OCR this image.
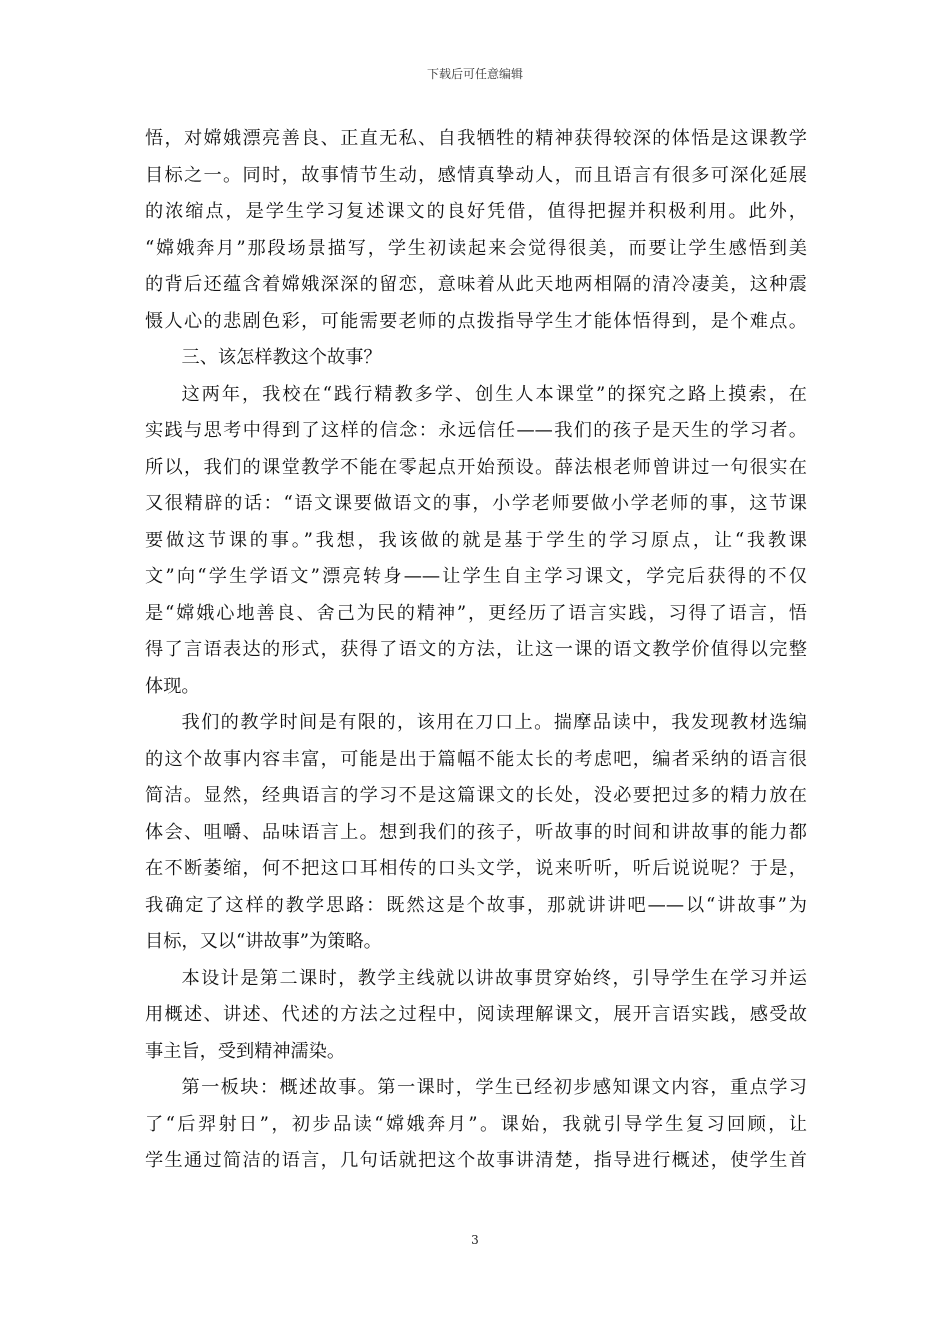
下载后可任意编辑
悟，对嫦娥漂亮善良、正直无私、自我牺牲的精神获得较深的体悟是这课教学
目标之一。同时，故事情节生动，感情真挚动人，而且语言有很多可深化延展
的浓缩点，是学生学习复述课文的良好凭借，值得把握并积极利用。此外，
“嫦娥奔月”那段场景描写，学生初读起来会觉得很美，而要让学生感悟到美
的背后还蕴含着嫦娥深深的留恋，意味着从此天地两相隔的清冷凄美，这种震
慑人心的悲剧色彩，可能需要老师的点拨指导学生才能体悟得到，是个难点。
三、该怎样教这个故事？
这两年，我校在“践行精教多学、创生人本课堂”的探究之路上摸索，在
实践与思考中得到了这样的信念：永远信任——我们的孩子是天生的学习者。
所以，我们的课堂教学不能在零起点开始预设。薛法根老师曾讲过一句很实在
又很精辟的话：“语文课要做语文的事，小学老师要做小学老师的事，这节课
要做这节课的事。”我想，我该做的就是基于学生的学习原点，让“我教课
文”向“学生学语文”漂亮转身——让学生自主学习课文，学完后获得的不仅
是“嫦娥心地善良、舍己为民的精神”，更经历了语言实践，习得了语言，悟
得了言语表达的形式，获得了语文的方法，让这一课的语文教学价值得以完整
体现。
我们的教学时间是有限的，该用在刀口上。揣摩品读中，我发现教材选编
的这个故事内容丰富，可能是出于篇幅不能太长的考虑吧，编者采纳的语言很
简洁。显然，经典语言的学习不是这篇课文的长处，没必要把过多的精力放在
体会、咀嚼、品味语言上。想到我们的孩子，听故事的时间和讲故事的能力都
在不断萎缩，何不把这口耳相传的口头文学，说来听听，听后说说呢？于是，
我确定了这样的教学思路：既然这是个故事，那就讲讲吧——以“讲故事”为
目标，又以“讲故事”为策略。
本设计是第二课时，教学主线就以讲故事贯穿始终，引导学生在学习并运
用概述、讲述、代述的方法之过程中，阅读理解课文，展开言语实践，感受故
事主旨，受到精神濡染。
第一板块：概述故事。第一课时，学生已经初步感知课文内容，重点学习
了“后羿射日”，初步品读“嫦娥奔月”。课始，我就引导学生复习回顾，让
学生通过简洁的语言，几句话就把这个故事讲清楚，指导进行概述，使学生首
3
